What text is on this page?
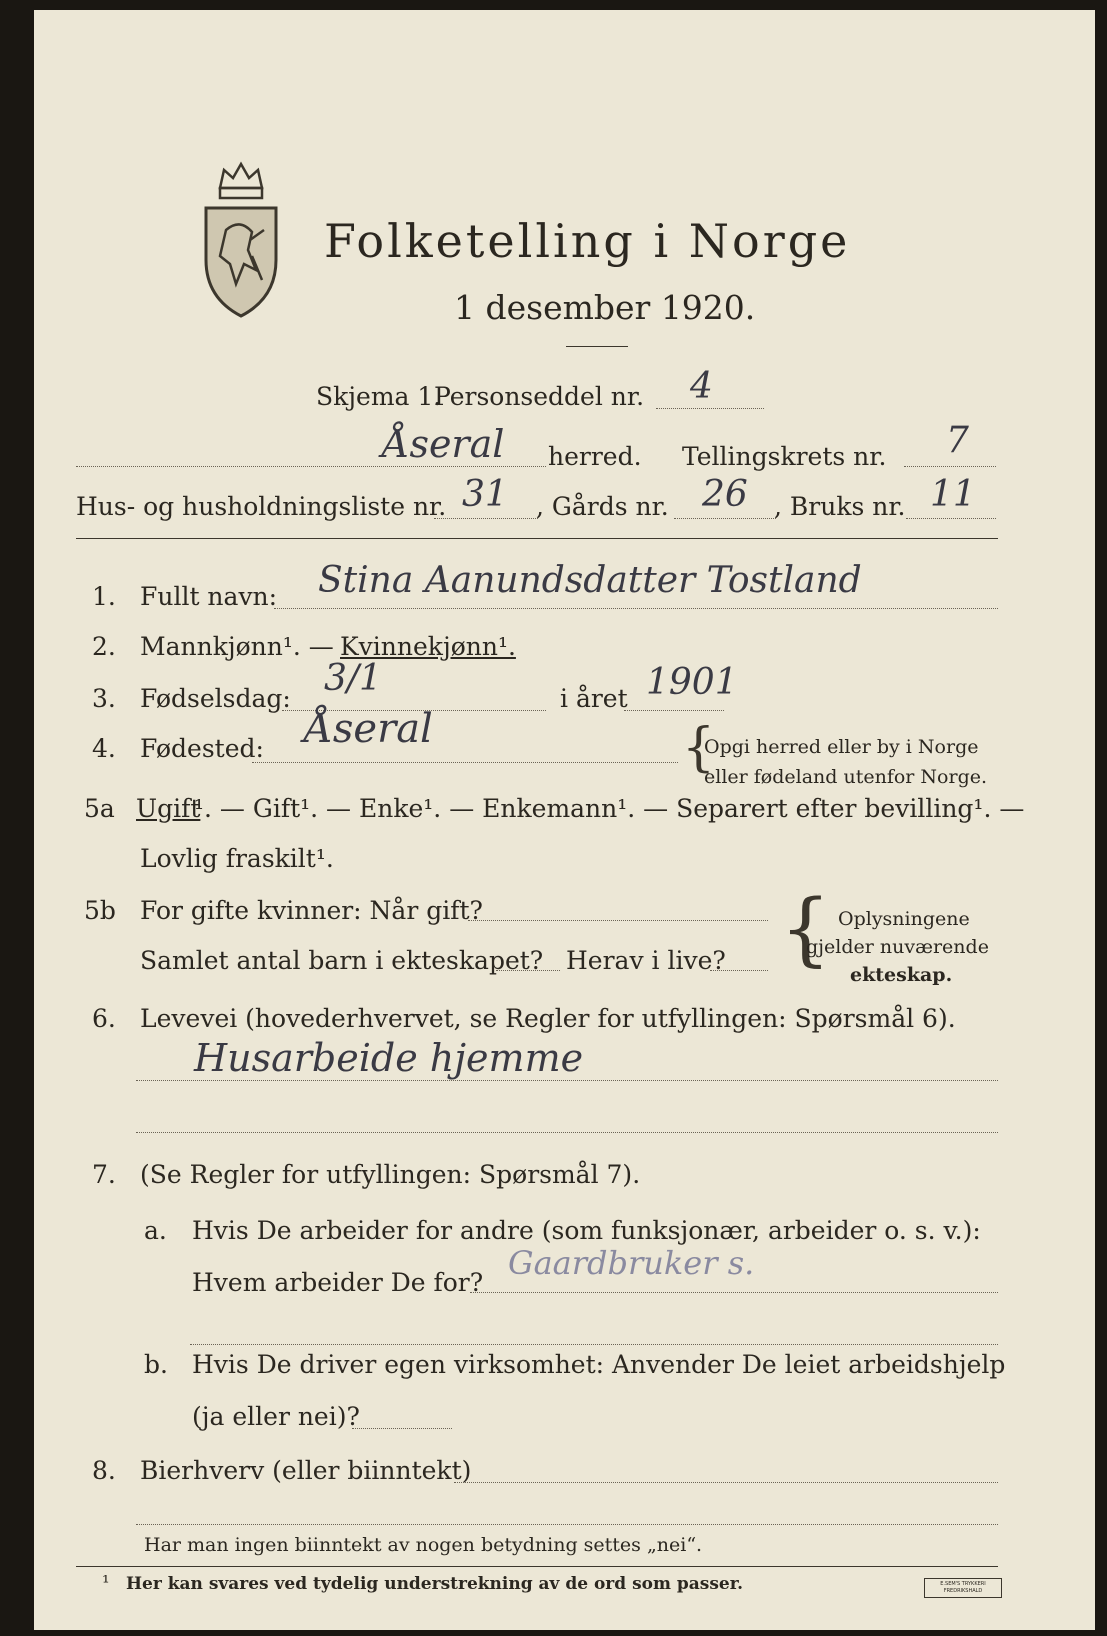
Folketelling i Norge
1 desember 1920.
Skjema 1.
Personseddel nr. 4
Åseral herred. Tellingskrets nr. 7
Hus- og husholdningsliste nr. 31 , Gårds nr. 26 , Bruks nr. 11
1. Fullt navn: Stina Aanundsdatter Tostland
2. Mannkjønn¹. — Kvinnekjønn¹.
3. Fødselsdag: 3/1	i året 1901
4. Fødested: Åseral	{
Opgi herred eller by i Norge
eller fødeland utenfor Norge.
5a Ugift
¹. — Gift¹. — Enke¹. — Enkemann¹. — Separert efter bevilling¹. —
Lovlig fraskilt¹.
5b For gifte kvinner: Når gift?
Samlet antal barn i ekteskapet? Herav i live? { Oplysningene
gjelder nuværende
ekteskap.
6. Levevei (hovederhvervet, se Regler for utfyllingen: Spørsmål 6).
Husarbeide hjemme
7. (Se Regler for utfyllingen: Spørsmål 7).
a. Hvis De arbeider for andre (som funksjonær, arbeider o. s. v.):
Hvem arbeider De for?
Gaardbruker s.
b. Hvis De driver egen virksomhet: Anvender De leiet arbeidshjelp
(ja eller nei)?
8. Bierhverv (eller biinntekt)
Har man ingen biinntekt av nogen betydning settes „nei“.
¹ Her kan svares ved tydelig understrekning av de ord som passer.	E.SEM'S TRYKKERI FREDRIKSHALD
